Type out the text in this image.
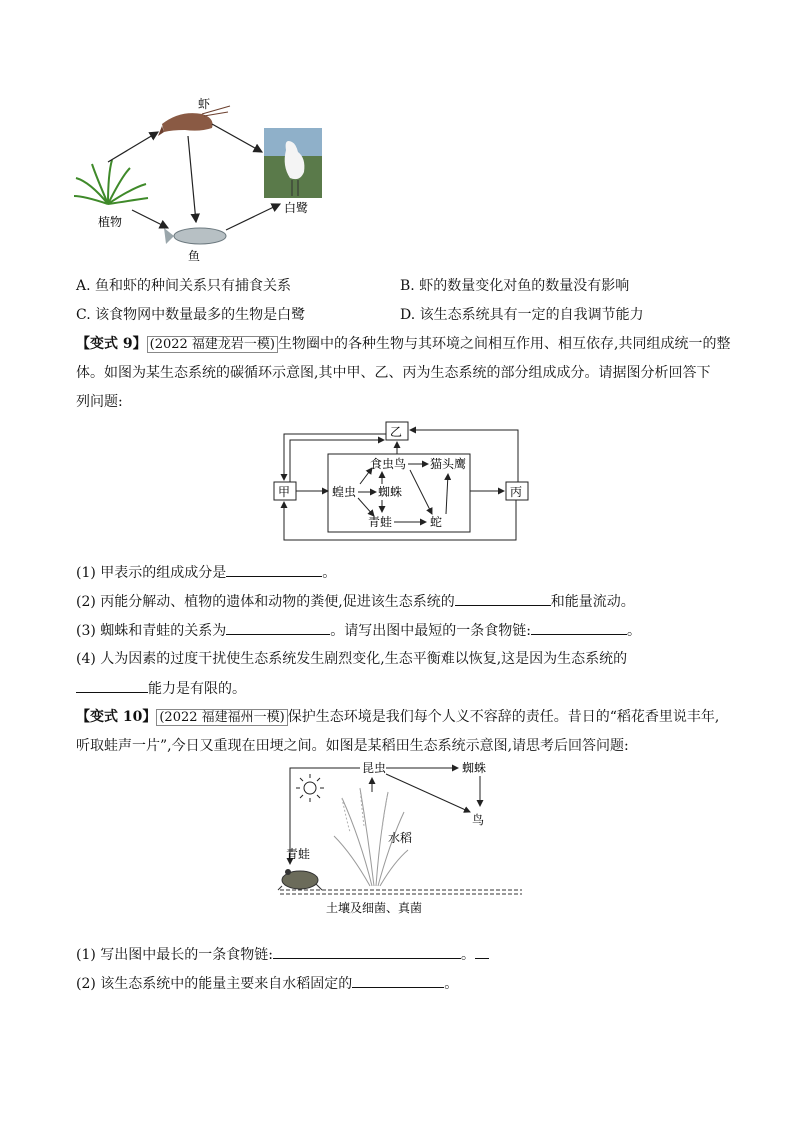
虾
植物
鱼
白鹭
A. 鱼和虾的种间关系只有捕食关系	B. 虾的数量变化对鱼的数量没有影响
C. 该食物网中数量最多的生物是白鹭	D. 该生态系统具有一定的自我调节能力
【变式 9】 (2022 福建龙岩一模) 生物圈中的各种生物与其环境之间相互作用、相互依存,共同组成统一的整
体。如图为某生态系统的碳循环示意图,其中甲、乙、丙为生态系统的部分组成成分。请据图分析回答下
列问题:
乙
甲	丙
食虫鸟 猫头鹰
蝗虫 蜘蛛
青蛙	蛇
(1) 甲表示的组成成分是	。
(2) 丙能分解动、植物的遗体和动物的粪便,促进该生态系统的	和能量流动。
(3) 蜘蛛和青蛙的关系为	。请写出图中最短的一条食物链:	。
(4) 人为因素的过度干扰使生态系统发生剧烈变化,生态平衡难以恢复,这是因为生态系统的
能力是有限的。
【变式 10】 (2022 福建福州一模) 保护生态环境是我们每个人义不容辞的责任。昔日的“稻花香里说丰年,
听取蛙声一片”,今日又重现在田埂之间。如图是某稻田生态系统示意图,请思考后回答问题:
昆虫	蜘蛛
鸟
水稻
青蛙
土壤及细菌、真菌
(1) 写出图中最长的一条食物链:	。
(2) 该生态系统中的能量主要来自水稻固定的	。
